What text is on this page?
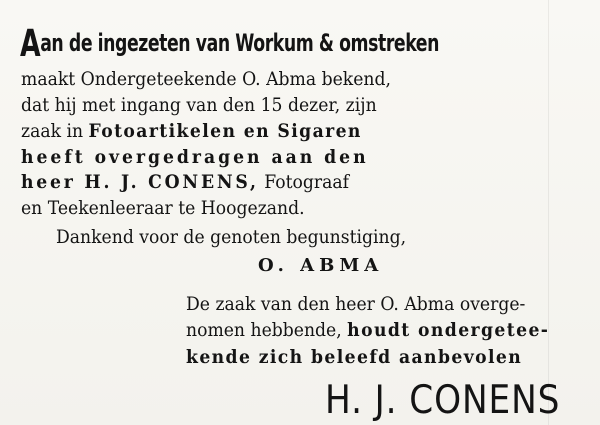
Aan de ingezeten van Workum & omstreken
maakt Ondergeteekende O. Abma bekend,
dat hij met ingang van den 15 dezer, zijn
zaak in Fotoartikelen en Sigaren
heeft overgedragen aan den
heer H. J. CONENS, Fotograaf
en Teekenleeraar te Hoogezand.
Dankend voor de genoten begunstiging,
O. ABMA
De zaak van den heer O. Abma overge-
nomen hebbende, houdt ondergetee-
kende zich beleefd aanbevolen
H. J. CONENS
